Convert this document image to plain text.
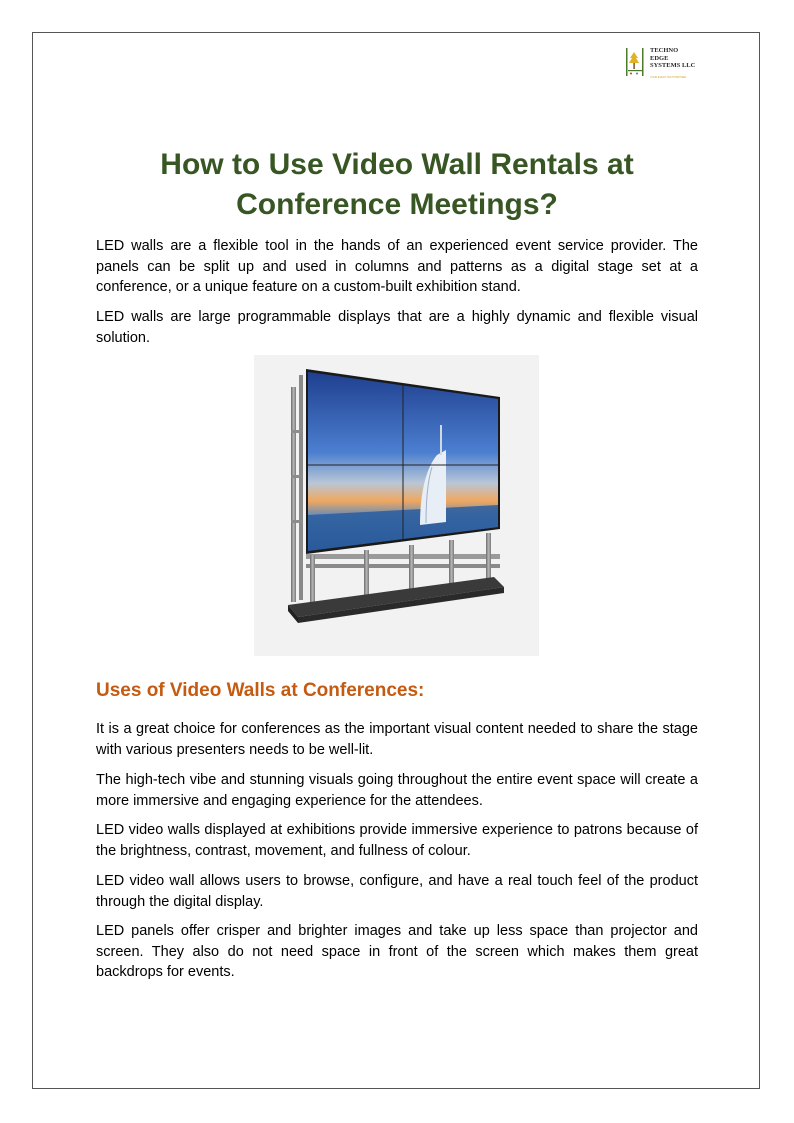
TECHNO
EDGE
SYSTEMS LLC
YOUR EVENT TECH PARTNER
How to Use Video Wall Rentals at Conference Meetings?

LED walls are a flexible tool in the hands of an experienced event service provider. The panels can be split up and used in columns and patterns as a digital stage set at a conference, or a unique feature on a custom-built exhibition stand.

LED walls are large programmable displays that are a highly dynamic and flexible visual solution.

Uses of Video Walls at Conferences:

It is a great choice for conferences as the important visual content needed to share the stage with various presenters needs to be well-lit.

The high-tech vibe and stunning visuals going throughout the entire event space will create a more immersive and engaging experience for the attendees.

LED video walls displayed at exhibitions provide immersive experience to patrons because of the brightness, contrast, movement, and fullness of colour.

LED video wall allows users to browse, configure, and have a real touch feel of the product through the digital display.

LED panels offer crisper and brighter images and take up less space than projector and screen. They also do not need space in front of the screen which makes them great backdrops for events.
